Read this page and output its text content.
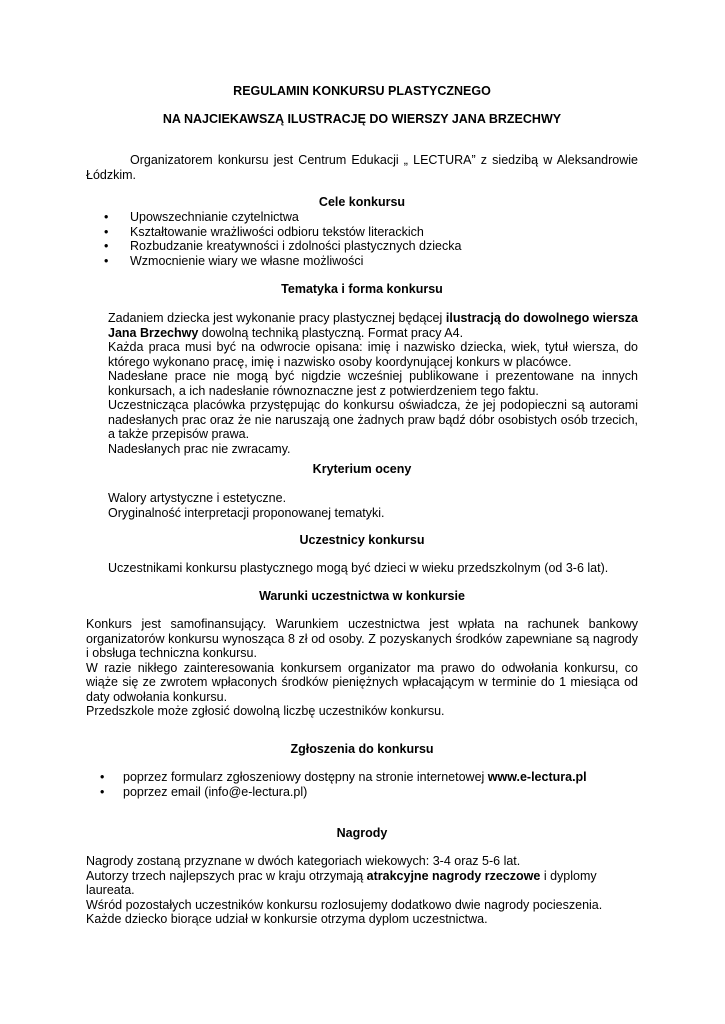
REGULAMIN KONKURSU PLASTYCZNEGO
NA NAJCIEKAWSZĄ ILUSTRACJĘ DO WIERSZY JANA BRZECHWY

Organizatorem konkursu jest Centrum Edukacji „ LECTURA” z siedzibą w Aleksandrowie Łódzkim.

Cele konkursu
• Upowszechnianie czytelnictwa
• Kształtowanie wrażliwości odbioru tekstów literackich
• Rozbudzanie kreatywności i zdolności plastycznych dziecka
• Wzmocnienie wiary we własne możliwości
Tematyka i forma konkursu

Zadaniem dziecka jest wykonanie pracy plastycznej będącej ilustracją do dowolnego wiersza Jana Brzechwy dowolną techniką plastyczną. Format pracy A4.

Każda praca musi być na odwrocie opisana: imię i nazwisko dziecka, wiek, tytuł wiersza, do którego wykonano pracę, imię i nazwisko osoby koordynującej konkurs w placówce.

Nadesłane prace nie mogą być nigdzie wcześniej publikowane i prezentowane na innych konkursach, a ich nadesłanie równoznaczne jest z potwierdzeniem tego faktu.

Uczestnicząca placówka przystępując do konkursu oświadcza, że jej podopieczni są autorami nadesłanych prac oraz że nie naruszają one żadnych praw bądź dóbr osobistych osób trzecich, a także przepisów prawa.

Nadesłanych prac nie zwracamy.

Kryterium oceny

Walory artystyczne i estetyczne.

Oryginalność interpretacji proponowanej tematyki.

Uczestnicy konkursu

Uczestnikami konkursu plastycznego mogą być dzieci w wieku przedszkolnym (od 3-6 lat).

Warunki uczestnictwa w konkursie

Konkurs jest samofinansujący. Warunkiem uczestnictwa jest wpłata na rachunek bankowy organizatorów konkursu wynosząca 8 zł od osoby. Z pozyskanych środków zapewniane są nagrody i obsługa techniczna konkursu.

W razie nikłego zainteresowania konkursem organizator ma prawo do odwołania konkursu, co wiąże się ze zwrotem wpłaconych środków pieniężnych wpłacającym w terminie do 1 miesiąca od daty odwołania konkursu.

Przedszkole może zgłosić dowolną liczbę uczestników konkursu.

Zgłoszenia do konkursu
• poprzez formularz zgłoszeniowy dostępny na stronie internetowej www.e-lectura.pl
• poprzez email (info@e-lectura.pl)
Nagrody

Nagrody zostaną przyznane w dwóch kategoriach wiekowych: 3-4 oraz 5-6 lat.

Autorzy trzech najlepszych prac w kraju otrzymają atrakcyjne nagrody rzeczowe i dyplomy laureata.

Wśród pozostałych uczestników konkursu rozlosujemy dodatkowo dwie nagrody pocieszenia. Każde dziecko biorące udział w konkursie otrzyma dyplom uczestnictwa.
